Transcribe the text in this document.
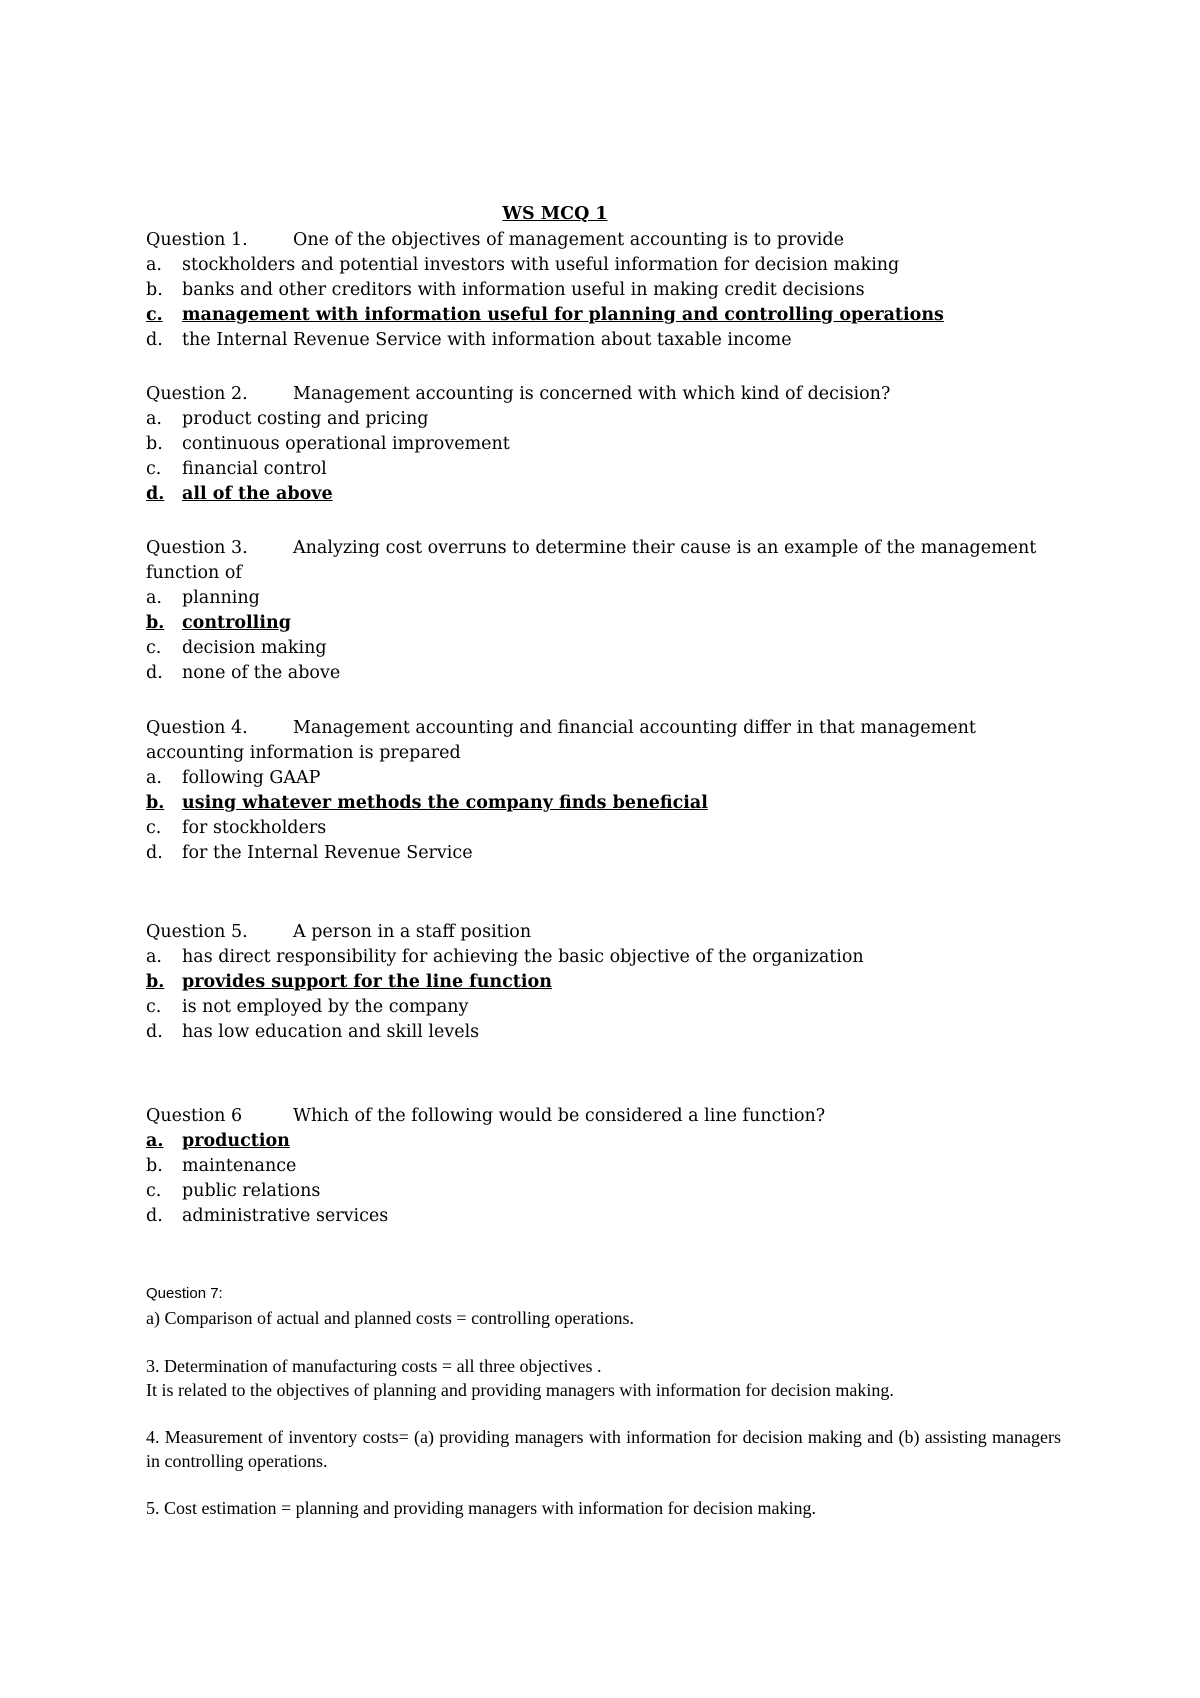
WS MCQ 1

Question 1.	One of the objectives of management accounting is to provide

a.	stockholders and potential investors with useful information for decision making

b.	banks and other creditors with information useful in making credit decisions

c.	management with information useful for planning and controlling operations

d.	the Internal Revenue Service with information about taxable income

Question 2.	Management accounting is concerned with which kind of decision?

a.	product costing and pricing

b.	continuous operational improvement

c.	financial control

d.	all of the above

Question 3.	Analyzing cost overruns to determine their cause is an example of the management

function of

a.	planning

b.	controlling

c.	decision making

d.	none of the above

Question 4.	Management accounting and financial accounting differ in that management

accounting information is prepared

a.	following GAAP

b.	using whatever methods the company finds beneficial

c.	for stockholders

d.	for the Internal Revenue Service

Question 5.	A person in a staff position

a.	has direct responsibility for achieving the basic objective of the organization

b.	provides support for the line function

c.	is not employed by the company

d.	has low education and skill levels

Question 6	Which of the following would be considered a line function?

a.	production

b.	maintenance

c.	public relations

d.	administrative services

Question 7:

a) Comparison of actual and planned costs = controlling operations.

3. Determination of manufacturing costs = all three objectives .

It is related to the objectives of planning and providing managers with information for decision making.

4. Measurement of inventory costs= (a) providing managers with information for decision making and (b) assisting managers in controlling operations.

5. Cost estimation = planning and providing managers with information for decision making.
